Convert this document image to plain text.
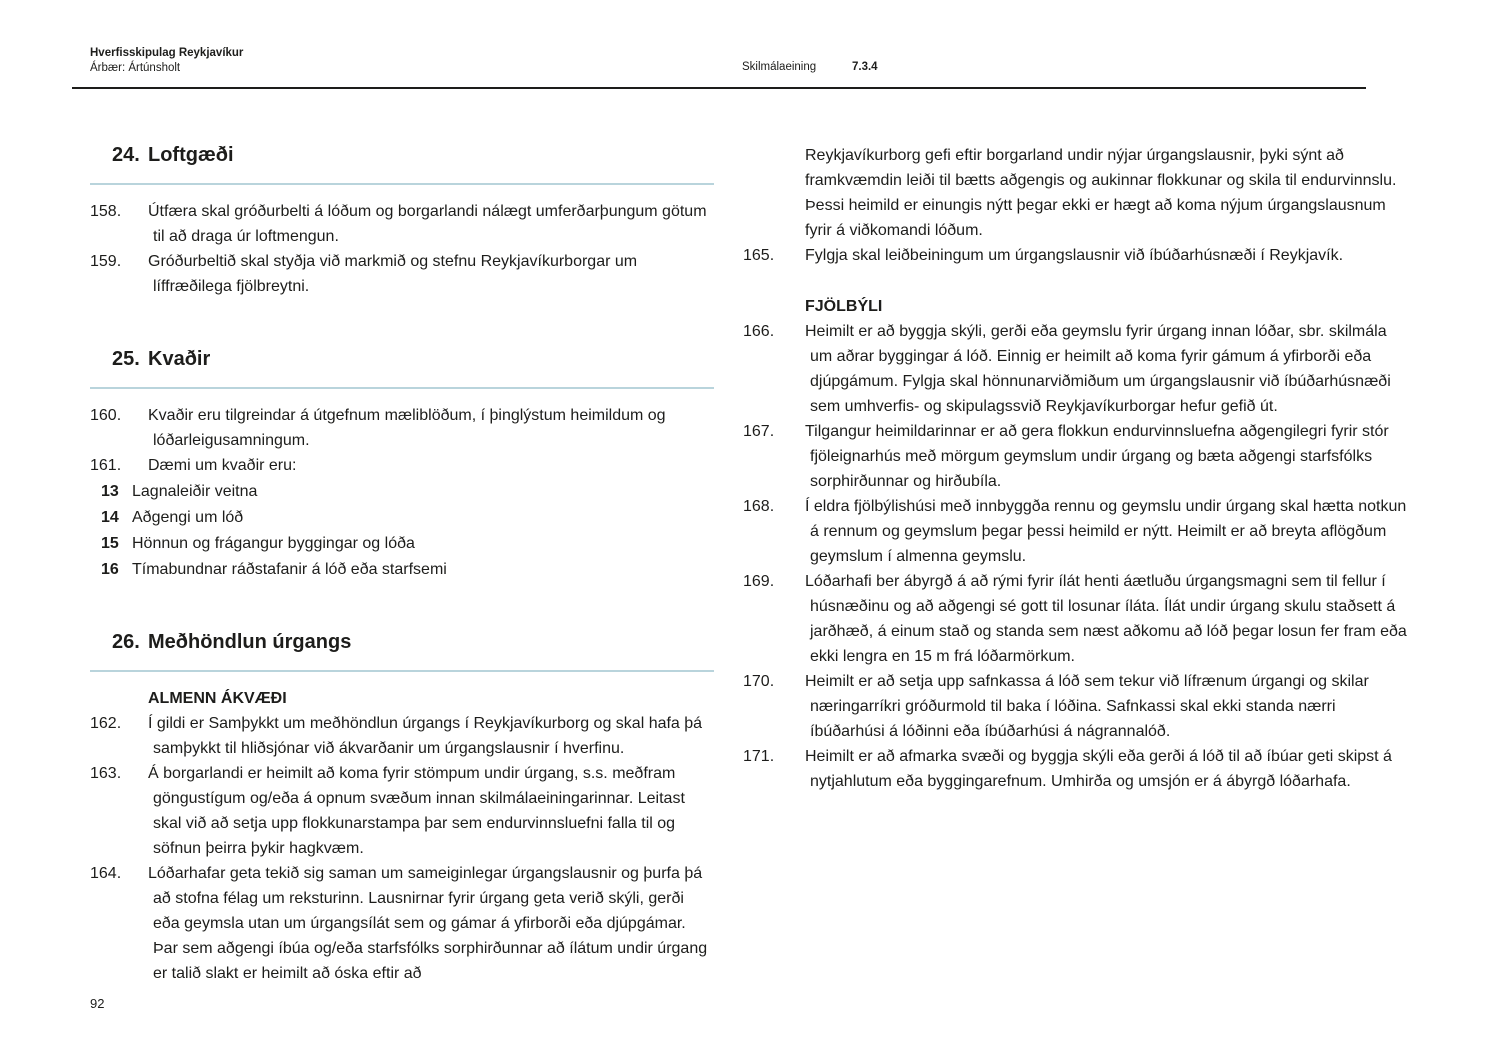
Hverfisskipulag Reykjavíkur
Árbær: Ártúnsholt	Skilmálaeining	7.3.4
24. Loftgæði
158.	Útfæra skal gróðurbelti á lóðum og borgarlandi nálægt umferðarþungum götum til að draga úr loftmengun.
159.	Gróðurbeltið skal styðja við markmið og stefnu Reykjavíkurborgar um líffræðilega fjölbreytni.
25. Kvaðir
160.	Kvaðir eru tilgreindar á útgefnum mæliblöðum, í þinglýstum heimildum og lóðarleigusamningum.
161.	Dæmi um kvaðir eru:
13 Lagnaleiðir veitna
14 Aðgengi um lóð
15 Hönnun og frágangur byggingar og lóða
16 Tímabundnar ráðstafanir á lóð eða starfsemi
26. Meðhöndlun úrgangs
ALMENN ÁKVÆÐI
162.	Í gildi er Samþykkt um meðhöndlun úrgangs í Reykjavíkurborg og skal hafa þá samþykkt til hliðsjónar við ákvarðanir um úrgangslausnir í hverfinu.
163.	Á borgarlandi er heimilt að koma fyrir stömpum undir úrgang, s.s. meðfram göngustígum og/eða á opnum svæðum innan skilmálaeiningarinnar. Leitast skal við að setja upp flokkunarstampa þar sem endurvinnsluefni falla til og söfnun þeirra þykir hagkvæm.
164.	Lóðarhafar geta tekið sig saman um sameiginlegar úrgangslausnir og þurfa þá að stofna félag um reksturinn. Lausnirnar fyrir úrgang geta verið skýli, gerði eða geymsla utan um úrgangsílát sem og gámar á yfirborði eða djúpgámar. Þar sem aðgengi íbúa og/eða starfsfólks sorphirðunnar að ílátum undir úrgang er talið slakt er heimilt að óska eftir að
Reykjavíkurborg gefi eftir borgarland undir nýjar úrgangslausnir, þyki sýnt að framkvæmdin leiði til bætts aðgengis og aukinnar flokkunar og skila til endurvinnslu. Þessi heimild er einungis nýtt þegar ekki er hægt að koma nýjum úrgangslausnum fyrir á viðkomandi lóðum.
165.	Fylgja skal leiðbeiningum um úrgangslausnir við íbúðarhúsnæði í Reykjavík.
FJÖLBÝLI
166.	Heimilt er að byggja skýli, gerði eða geymslu fyrir úrgang innan lóðar, sbr. skilmála um aðrar byggingar á lóð. Einnig er heimilt að koma fyrir gámum á yfirborði eða djúpgámum. Fylgja skal hönnunarviðmiðum um úrgangslausnir við íbúðarhúsnæði sem umhverfis- og skipulagssvið Reykjavíkurborgar hefur gefið út.
167.	Tilgangur heimildarinnar er að gera flokkun endurvinnsluefna aðgengilegri fyrir stór fjöleignarhús með mörgum geymslum undir úrgang og bæta aðgengi starfsfólks sorphirðunnar og hirðubíla.
168.	Í eldra fjölbýlishúsi með innbyggða rennu og geymslu undir úrgang skal hætta notkun á rennum og geymslum þegar þessi heimild er nýtt. Heimilt er að breyta aflögðum geymslum í almenna geymslu.
169.	Lóðarhafi ber ábyrgð á að rými fyrir ílát henti áætluðu úrgangsmagni sem til fellur í húsnæðinu og að aðgengi sé gott til losunar íláta. Ílát undir úrgang skulu staðsett á jarðhæð, á einum stað og standa sem næst aðkomu að lóð þegar losun fer fram eða ekki lengra en 15 m frá lóðarmörkum.
170.	Heimilt er að setja upp safnkassa á lóð sem tekur við lífrænum úrgangi og skilar næringarríkri gróðurmold til baka í lóðina. Safnkassi skal ekki standa nærri íbúðarhúsi á lóðinni eða íbúðarhúsi á nágrannalóð.
171.	Heimilt er að afmarka svæði og byggja skýli eða gerði á lóð til að íbúar geti skipst á nytjahlutum eða byggingarefnum. Umhirða og umsjón er á ábyrgð lóðarhafa.
92
